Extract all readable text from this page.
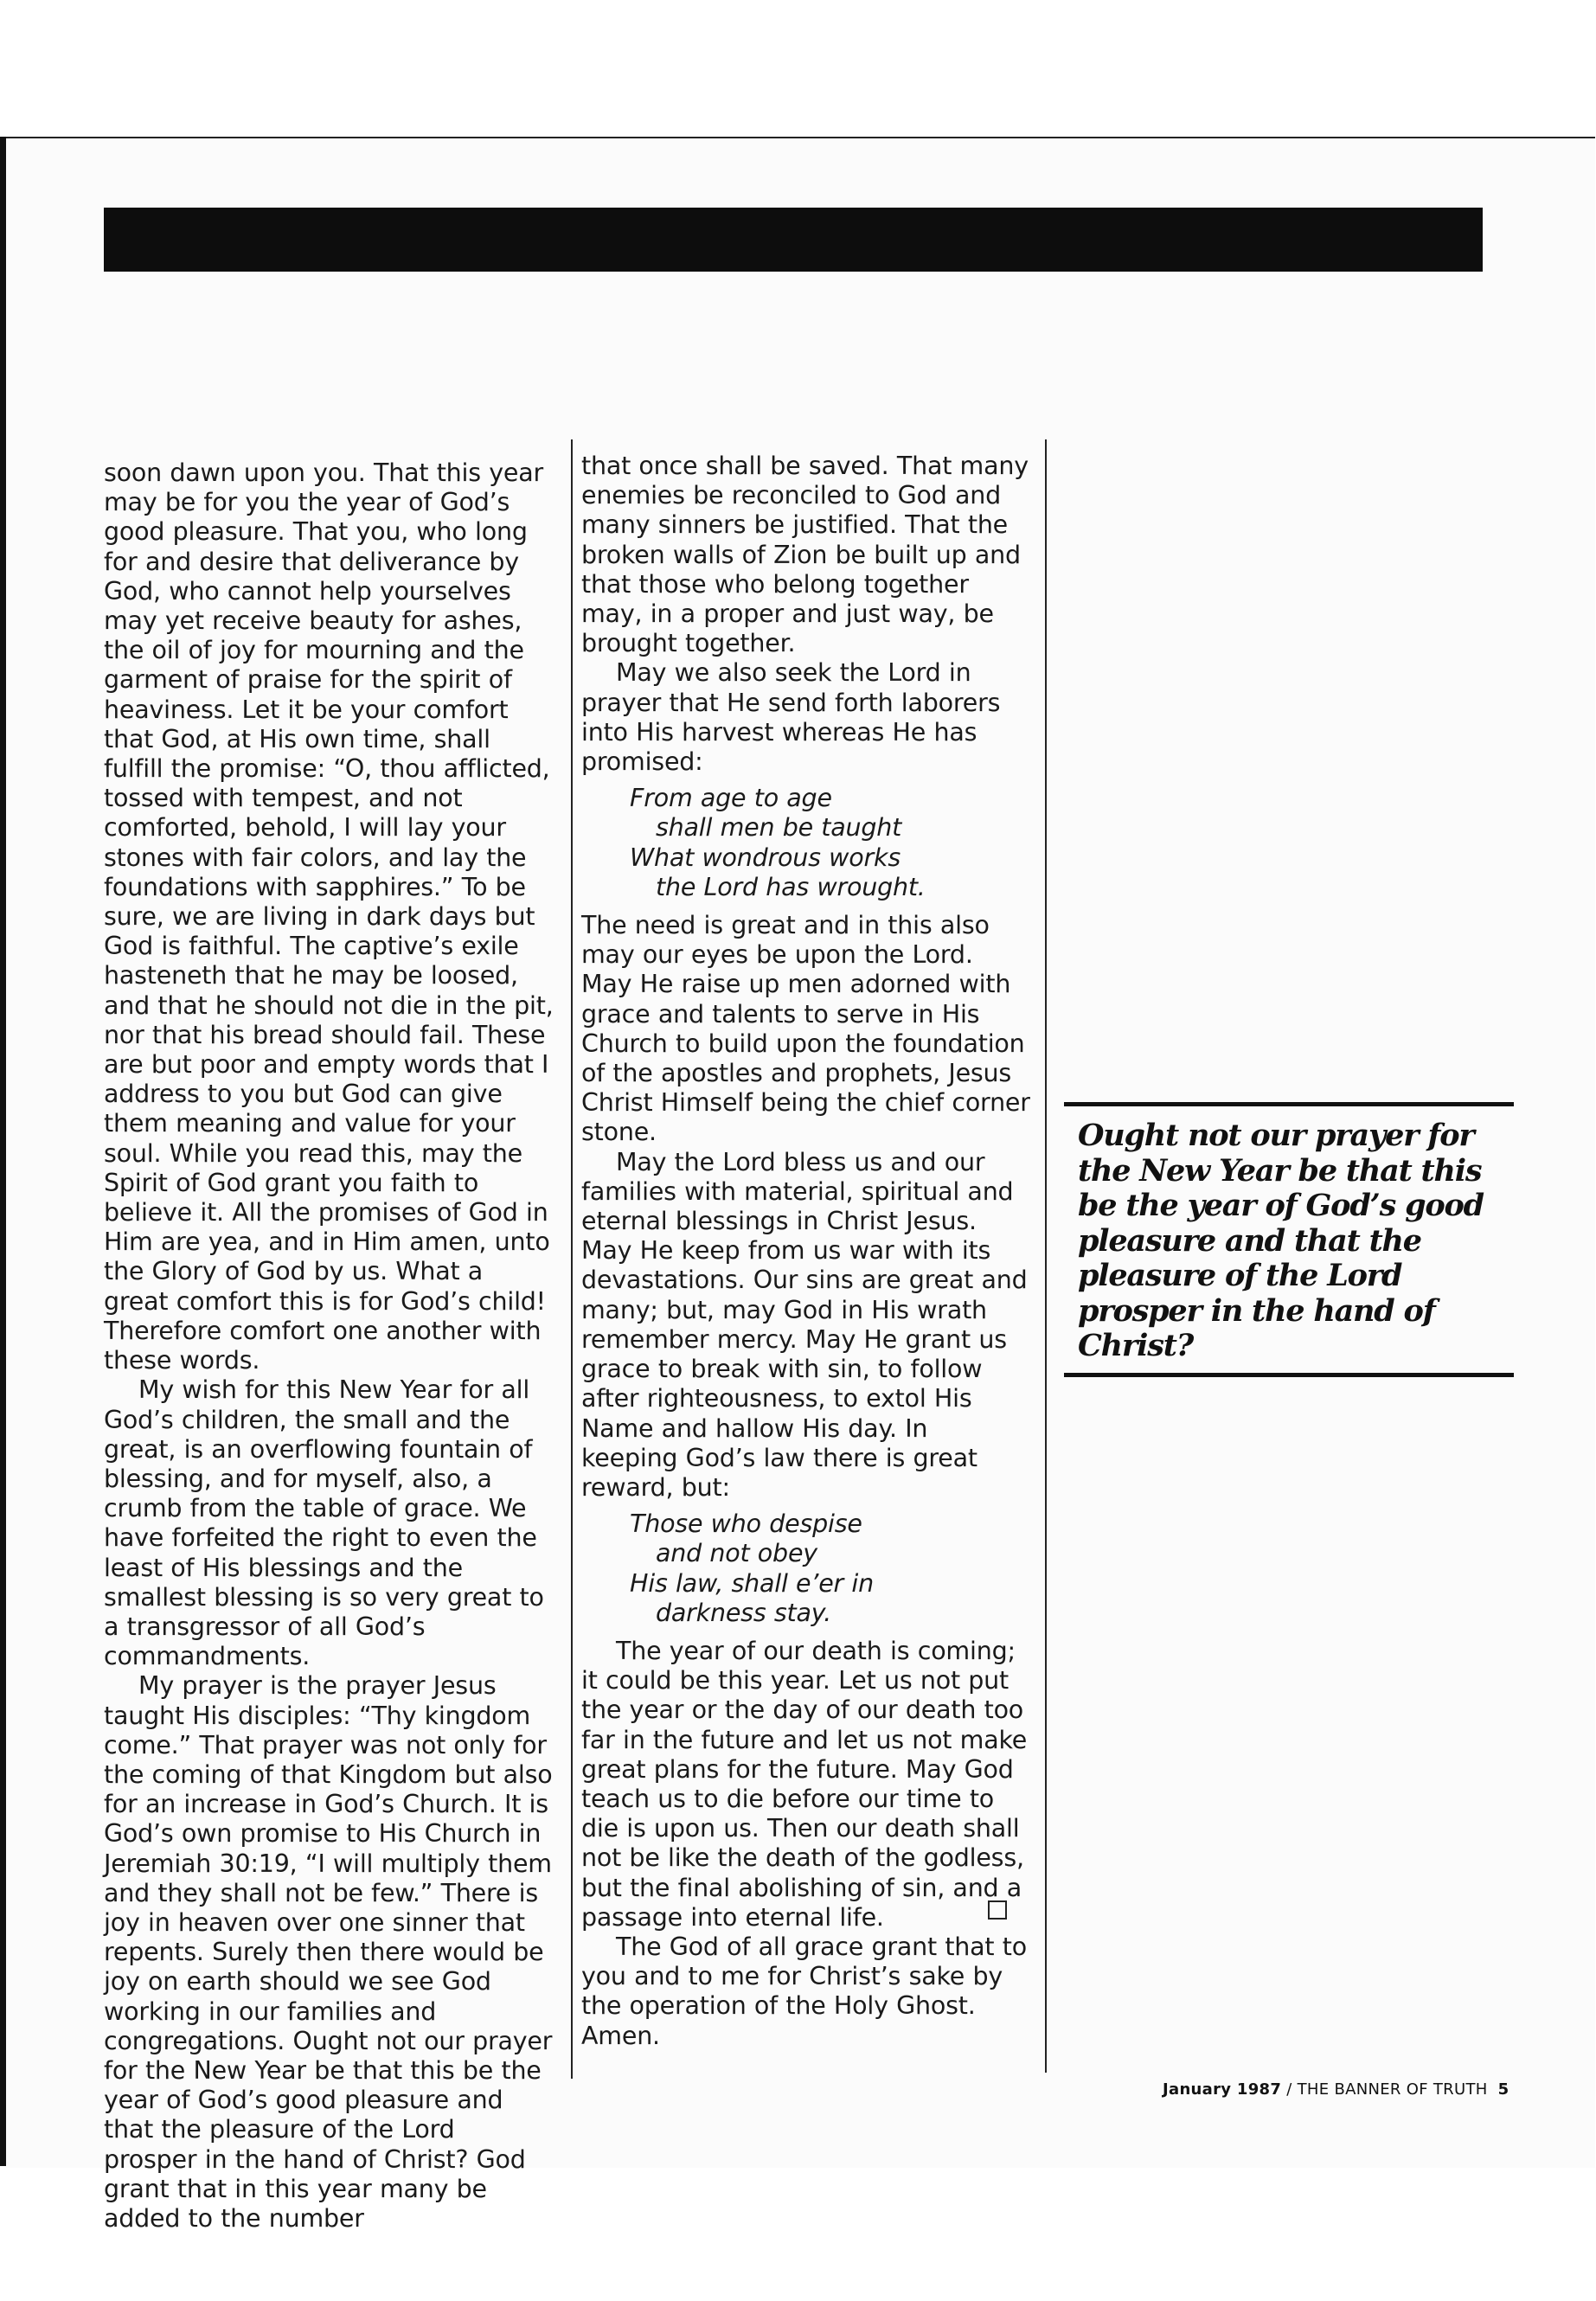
soon dawn upon you. That this year may be for you the year of God’s good pleasure. That you, who long for and desire that deliverance by God, who cannot help yourselves may yet receive beauty for ashes, the oil of joy for mourning and the garment of praise for the spirit of heaviness. Let it be your comfort that God, at His own time, shall fulfill the promise: “O, thou afflicted, tossed with tempest, and not comforted, behold, I will lay your stones with fair colors, and lay the foundations with sapphires.” To be sure, we are living in dark days but God is faithful. The captive’s exile hasteneth that he may be loosed, and that he should not die in the pit, nor that his bread should fail. These are but poor and empty words that I address to you but God can give them meaning and value for your soul. While you read this, may the Spirit of God grant you faith to believe it. All the promises of God in Him are yea, and in Him amen, unto the Glory of God by us. What a great comfort this is for God’s child! Therefore comfort one another with these words.

My wish for this New Year for all God’s children, the small and the great, is an overflowing fountain of blessing, and for myself, also, a crumb from the table of grace. We have forfeited the right to even the least of His blessings and the smallest blessing is so very great to a transgressor of all God’s commandments.

My prayer is the prayer Jesus taught His disciples: “Thy kingdom come.” That prayer was not only for the coming of that Kingdom but also for an increase in God’s Church. It is God’s own promise to His Church in Jeremiah 30:19, “I will multiply them and they shall not be few.” There is joy in heaven over one sinner that repents. Surely then there would be joy on earth should we see God working in our families and congregations. Ought not our prayer for the New Year be that this be the year of God’s good pleasure and that the pleasure of the Lord prosper in the hand of Christ? God grant that in this year many be added to the number

that once shall be saved. That many enemies be reconciled to God and many sinners be justified. That the broken walls of Zion be built up and that those who belong together may, in a proper and just way, be brought together.

May we also seek the Lord in prayer that He send forth laborers into His harvest whereas He has promised:

From age to age
shall men be taught
What wondrous works
the Lord has wrought.

The need is great and in this also may our eyes be upon the Lord. May He raise up men adorned with grace and talents to serve in His Church to build upon the foundation of the apostles and prophets, Jesus Christ Himself being the chief corner stone.

May the Lord bless us and our families with material, spiritual and eternal blessings in Christ Jesus. May He keep from us war with its devastations. Our sins are great and many; but, may God in His wrath remember mercy. May He grant us grace to break with sin, to follow after righteousness, to extol His Name and hallow His day. In keeping God’s law there is great reward, but:

Those who despise
and not obey
His law, shall e’er in
darkness stay.

The year of our death is coming; it could be this year. Let us not put the year or the day of our death too far in the future and let us not make great plans for the future. May God teach us to die before our time to die is upon us. Then our death shall not be like the death of the godless, but the final abolishing of sin, and a passage into eternal life.

The God of all grace grant that to you and to me for Christ’s sake by the operation of the Holy Ghost. Amen.

Ought not our prayer for the New Year be that this be the year of God’s good pleasure and that the pleasure of the Lord prosper in the hand of Christ?
January 1987 / THE BANNER OF TRUTH 5
